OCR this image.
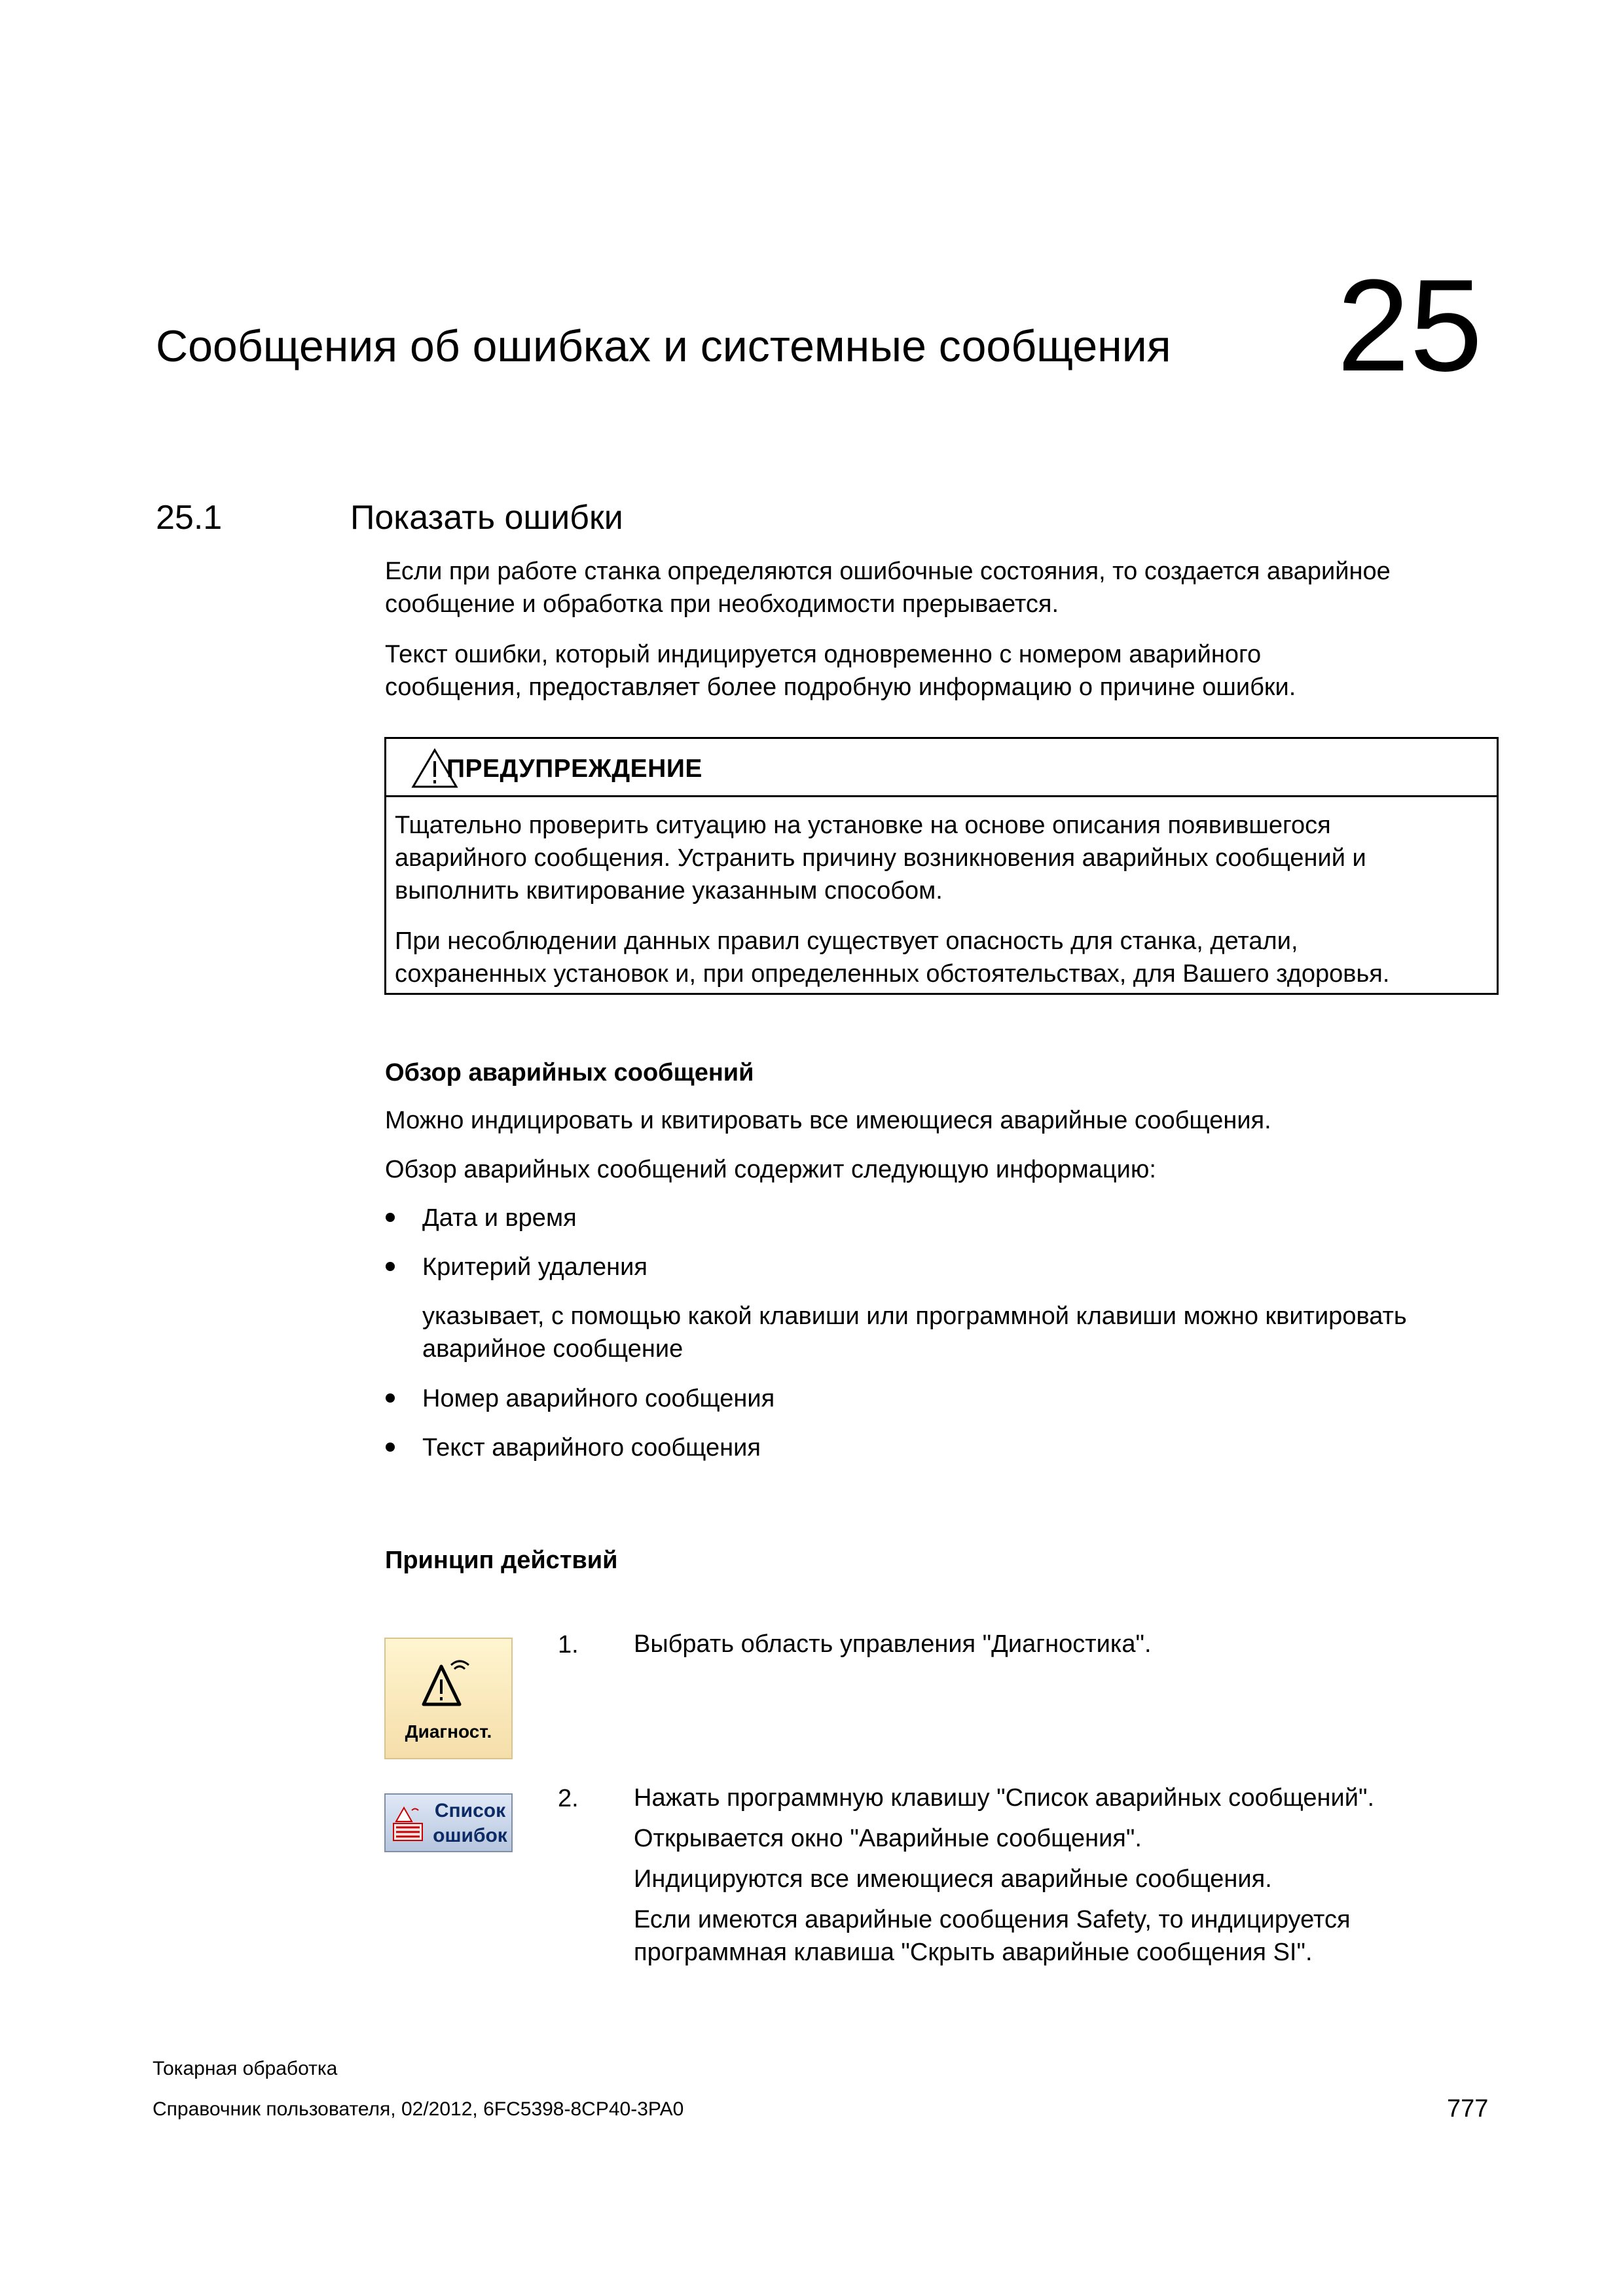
Сообщения об ошибках и системные сообщения 25
25.1	Показать ошибки
Если при работе станка определяются ошибочные состояния, то создается аварийное
сообщение и обработка при необходимости прерывается.
Текст ошибки, который индицируется одновременно с номером аварийного
сообщения, предоставляет более подробную информацию о причине ошибки.
ПРЕДУПРЕЖДЕНИЕ
Тщательно проверить ситуацию на установке на основе описания появившегося
аварийного сообщения. Устранить причину возникновения аварийных сообщений и
выполнить квитирование указанным способом.
При несоблюдении данных правил существует опасность для станка, детали,
сохраненных установок и, при определенных обстоятельствах, для Вашего здоровья.
Обзор аварийных сообщений
Можно индицировать и квитировать все имеющиеся аварийные сообщения.
Обзор аварийных сообщений содержит следующую информацию:
Дата и время
Критерий удаления
указывает, с помощью какой клавиши или программной клавиши можно квитировать
аварийное сообщение
Номер аварийного сообщения
Текст аварийного сообщения
Принцип действий
Диагност.
1. Выбрать область управления "Диагностика".
Список
ошибок
2. Нажать программную клавишу "Список аварийных сообщений".
Открывается окно "Аварийные сообщения".
Индицируются все имеющиеся аварийные сообщения.
Если имеются аварийные сообщения Safety, то индицируется
программная клавиша "Скрыть аварийные сообщения SI".
Токарная обработка
Справочник пользователя, 02/2012, 6FC5398-8CP40-3PA0	777
